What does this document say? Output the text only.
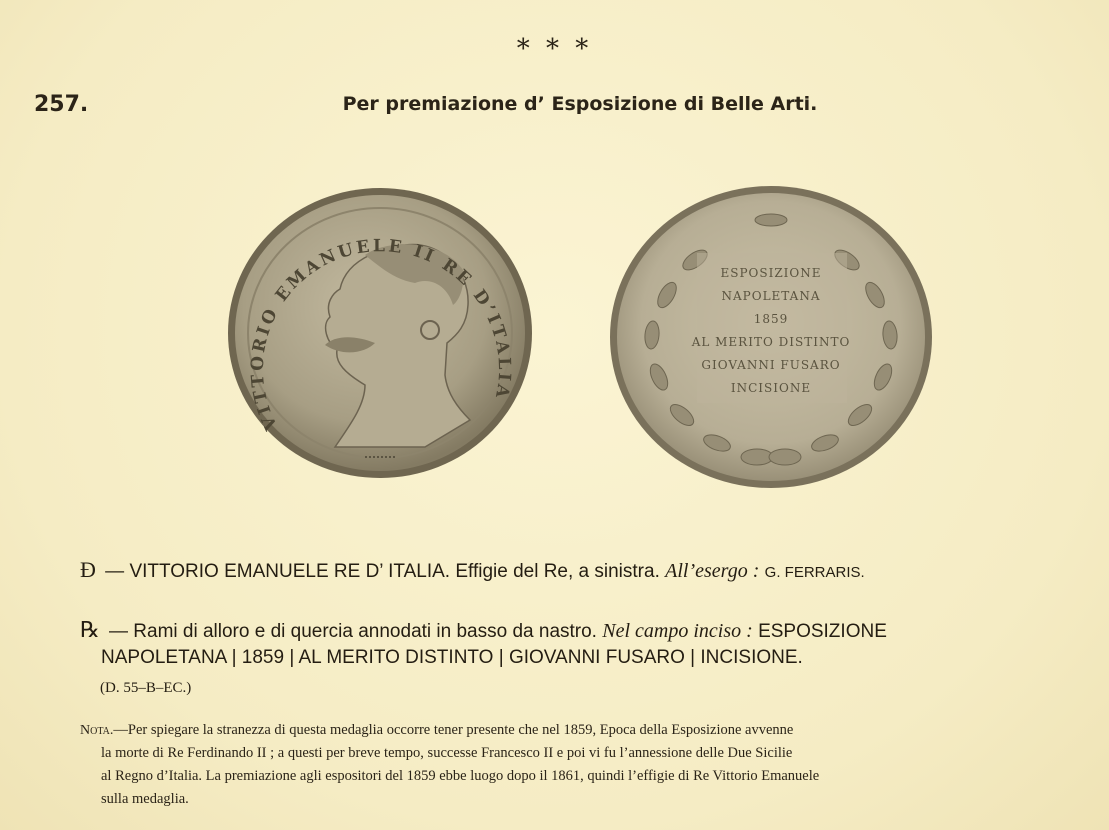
* * *
257.	Per premiazione d’ Esposizione di Belle Arti.
VITTORIO EMANUELE II RE D’ITALIA
ESPOSIZIONE
NAPOLETANA
1859
AL MERITO DISTINTO
GIOVANNI FUSARO
INCISIONE
Ð — VITTORIO EMANUELE RE D’ ITALIA. Effigie del Re, a sinistra. All’esergo : G. FERRARIS.
℞ — Rami di alloro e di quercia annodati in basso da nastro. Nel campo inciso : ESPOSIZIONE
NAPOLETANA | 1859 | AL MERITO DISTINTO | GIOVANNI FUSARO | INCISIONE.
(D. 55–B–EC.)
Nota.—Per spiegare la stranezza di questa medaglia occorre tener presente che nel 1859, Epoca della Esposizione avvenne
la morte di Re Ferdinando II ; a questi per breve tempo, successe Francesco II e poi vi fu l’annessione delle Due Sicilie
al Regno d’Italia. La premiazione agli espositori del 1859 ebbe luogo dopo il 1861, quindi l’effigie di Re Vittorio Emanuele
sulla medaglia.
